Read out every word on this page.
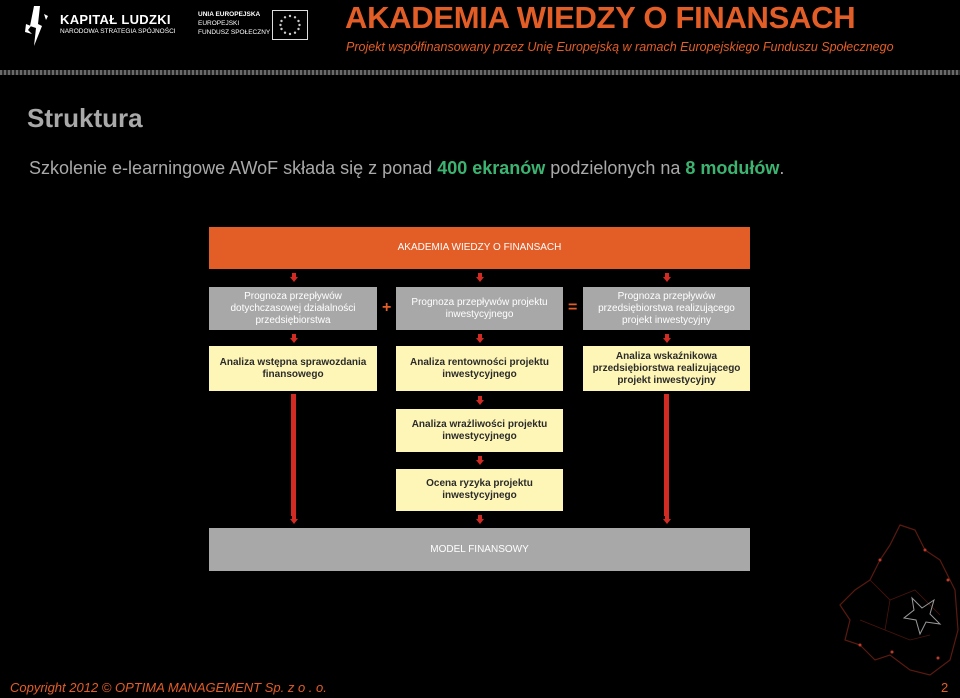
KAPITAŁ LUDZKI
NARODOWA STRATEGIA SPÓJNOŚCI
UNIA EUROPEJSKA
EUROPEJSKI
FUNDUSZ SPOŁECZNY AKADEMIA WIEDZY O FINANSACH
Projekt współfinansowany przez Unię Europejską w ramach Europejskiego Funduszu Społecznego
Struktura
Szkolenie e-learningowe AWoF składa się z ponad 400 ekranów podzielonych na 8 modułów.
AKADEMIA WIEDZY O FINANSACH
Prognoza przepływów dotychczasowej działalności przedsiębiorstwa
+	Prognoza przepływów projektu inwestycyjnego	=
Prognoza przepływów przedsiębiorstwa realizującego projekt inwestycyjny
Analiza wstępna sprawozdania finansowego
Analiza rentowności projektu inwestycyjnego
Analiza wskaźnikowa przedsiębiorstwa realizującego projekt inwestycyjny
Analiza wrażliwości projektu inwestycyjnego
Ocena ryzyka projektu inwestycyjnego
MODEL FINANSOWY
Copyright 2012 © OPTIMA MANAGEMENT Sp. z o . o.	2
